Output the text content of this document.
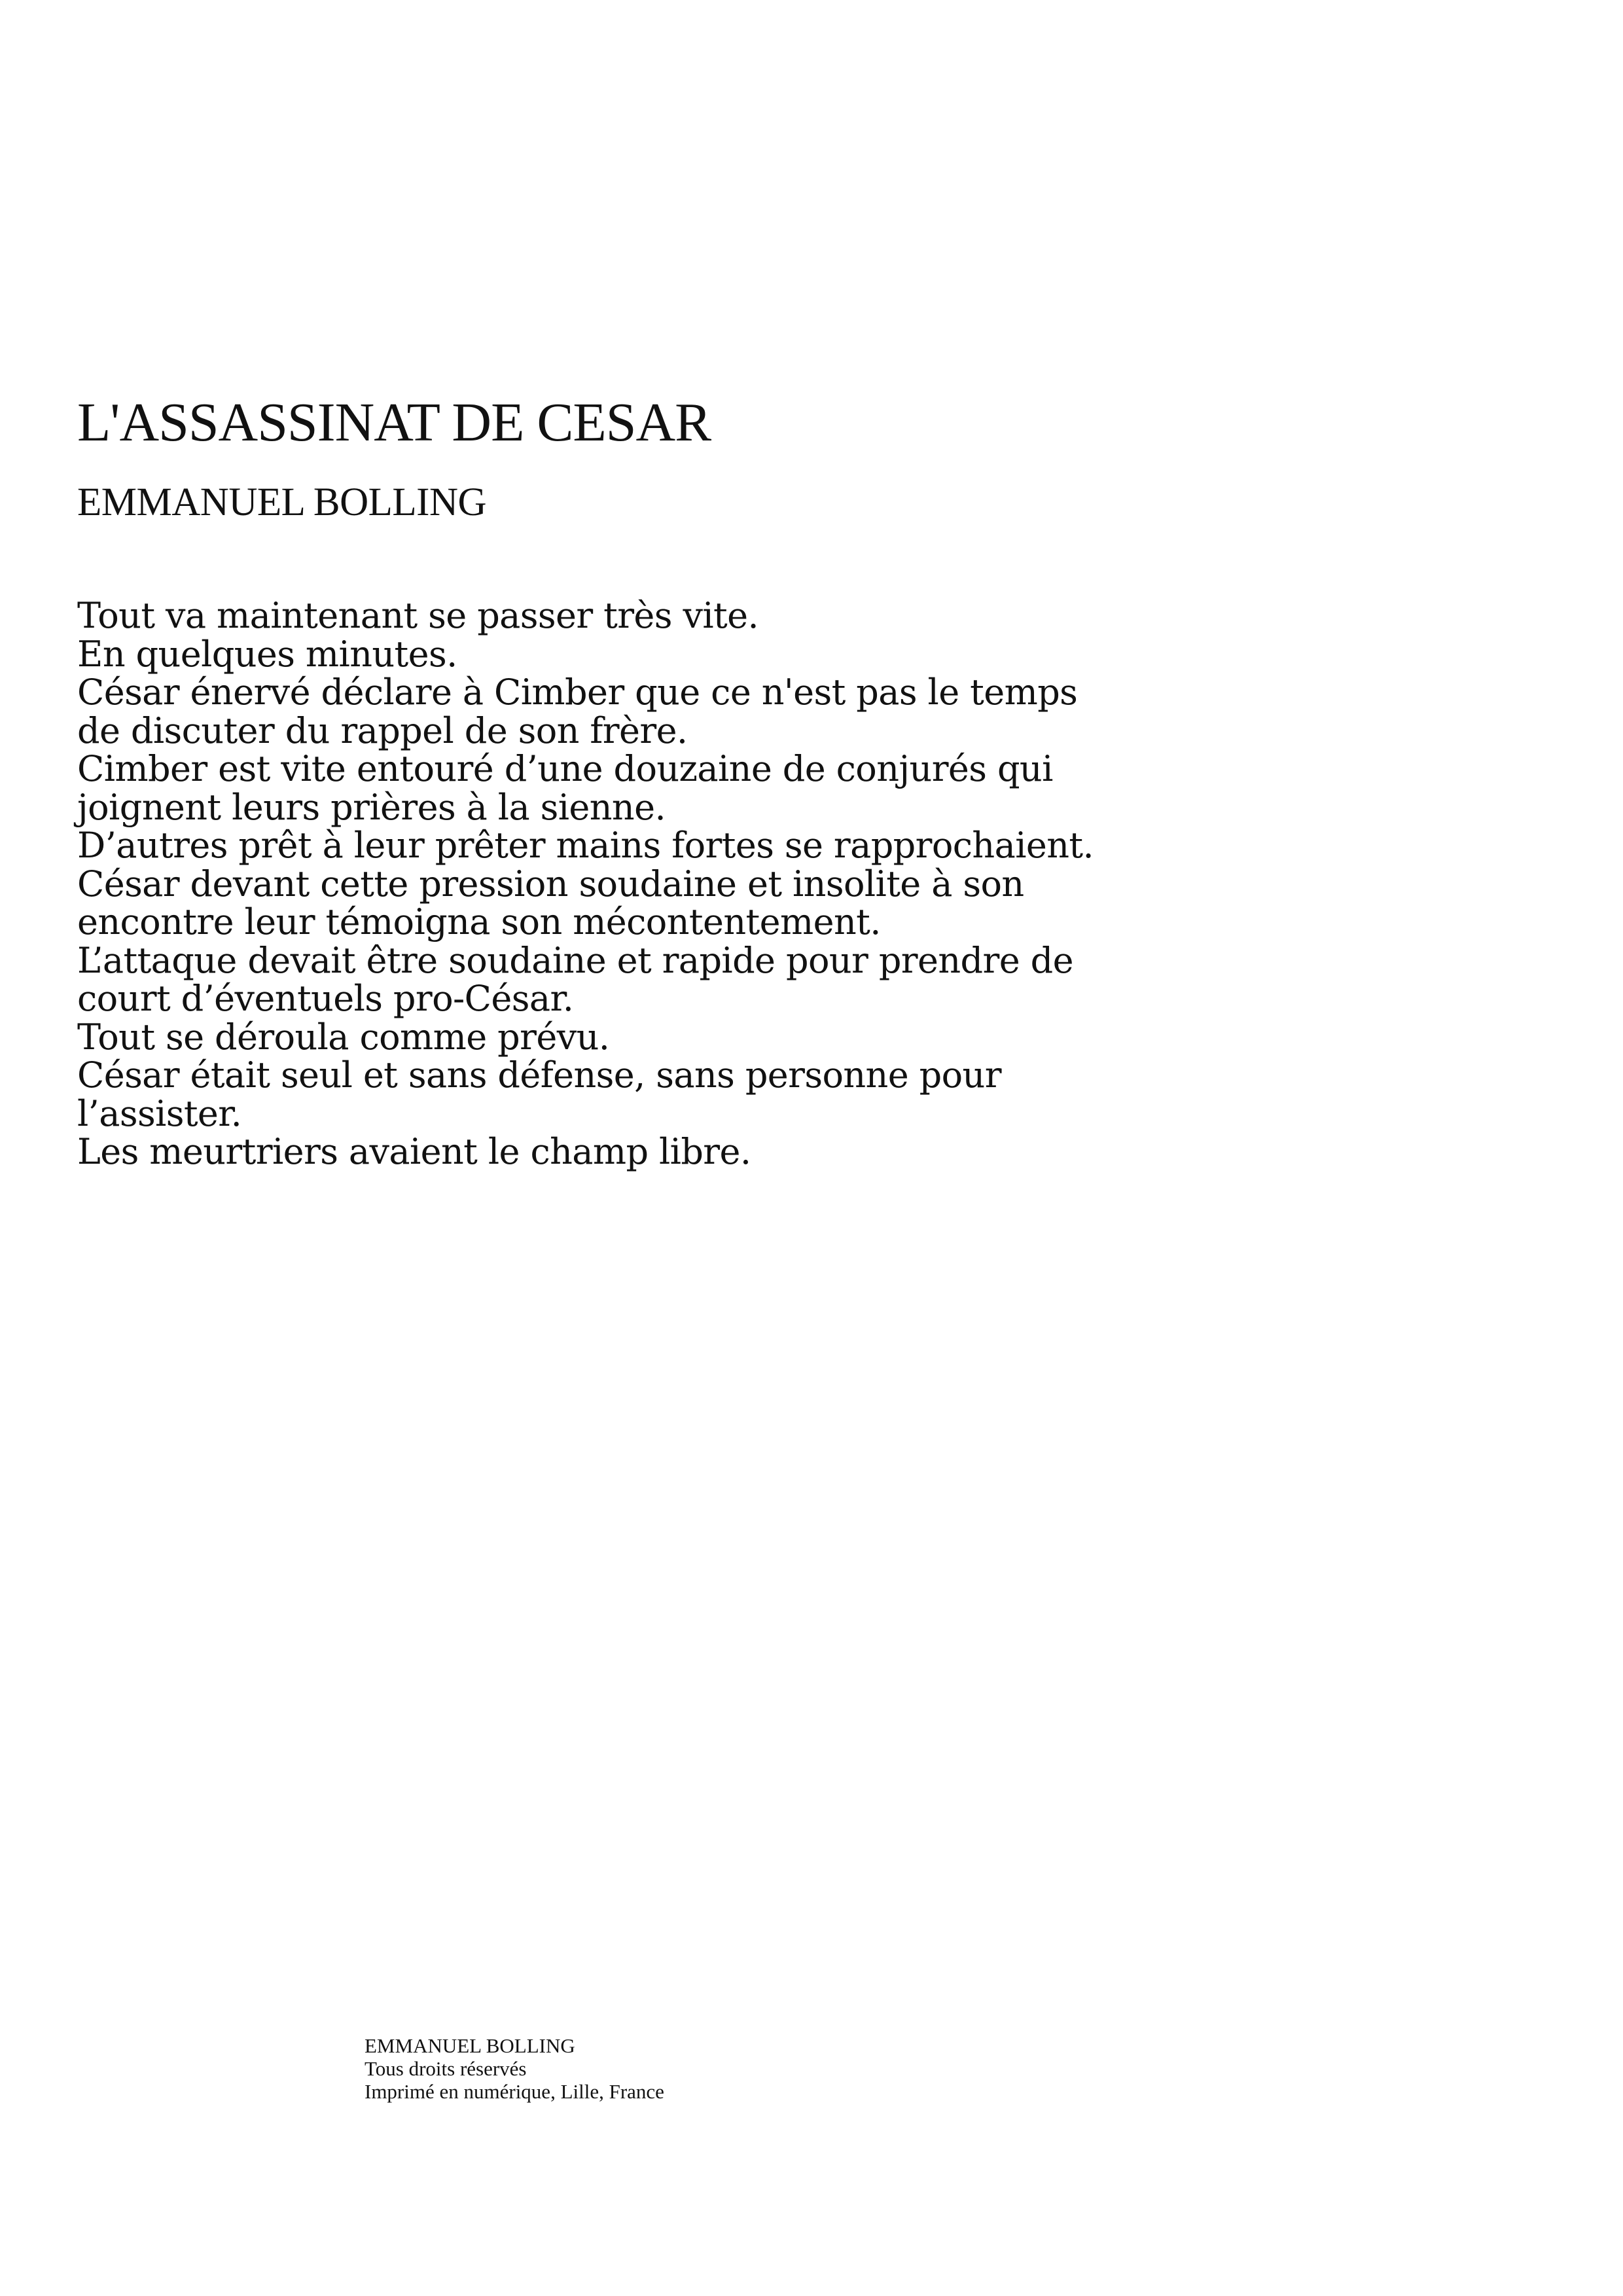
L'ASSASSINAT DE CESAR
EMMANUEL BOLLING
Tout va maintenant se passer très vite.
En quelques minutes.
César énervé déclare à Cimber que ce n'est pas le temps
de discuter du rappel de son frère.
Cimber est vite entouré d’une douzaine de conjurés qui
joignent leurs prières à la sienne.
D’autres prêt à leur prêter mains fortes se rapprochaient.
César devant cette pression soudaine et insolite à son
encontre leur témoigna son mécontentement.
L’attaque devait être soudaine et rapide pour prendre de
court d’éventuels pro-César.
Tout se déroula comme prévu.
César était seul et sans défense, sans personne pour
l’assister.
Les meurtriers avaient le champ libre.
EMMANUEL BOLLING
Tous droits réservés
Imprimé en numérique, Lille, France
